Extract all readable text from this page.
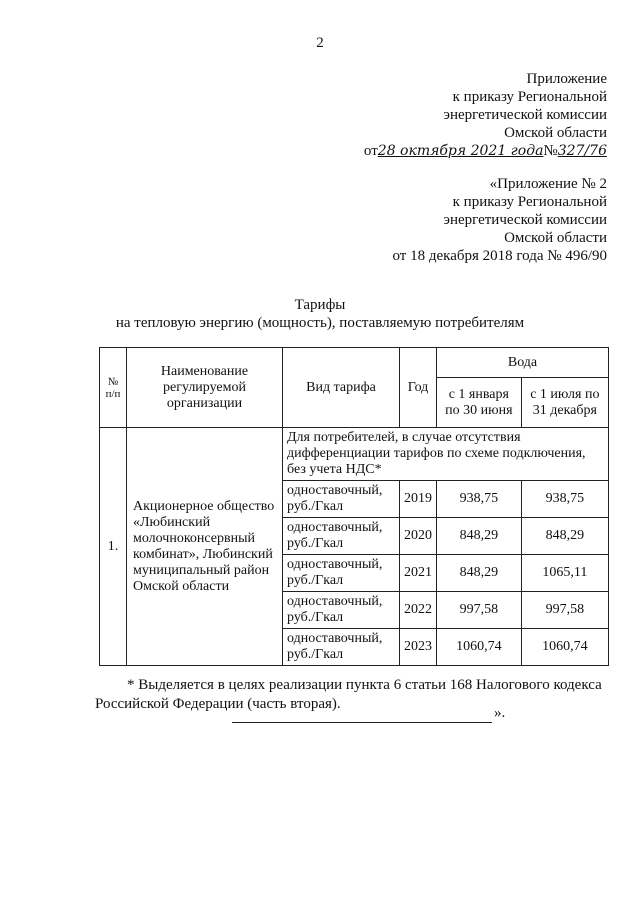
2
Приложение
к приказу Региональной
энергетической комиссии
Омской области
от28 октября 2021 года№327/76
«Приложение № 2
к приказу Региональной
энергетической комиссии
Омской области
от 18 декабря 2018 года № 496/90
Тарифы
на тепловую энергию (мощность), поставляемую потребителям
№ п/п	Наименование регулируемой организации	Вид тарифа	Год	Вода	
				с 1 января по 30 июня	с 1 июля по 31 декабря
1.	Акционерное общество «Любинский молочноконсервный комбинат», Любинский муниципальный район Омской области	Для потребителей, в случае отсутствия дифференциации тарифов по схеме подключения, без учета НДС*			
		одноставочный, руб./Гкал	2019	938,75	938,75
		одноставочный, руб./Гкал	2020	848,29	848,29
		одноставочный, руб./Гкал	2021	848,29	1065,11
		одноставочный, руб./Гкал	2022	997,58	997,58
		одноставочный, руб./Гкал	2023	1060,74	1060,74
* Выделяется в целях реализации пункта 6 статьи 168 Налогового кодекса Российской Федерации (часть вторая).
».
